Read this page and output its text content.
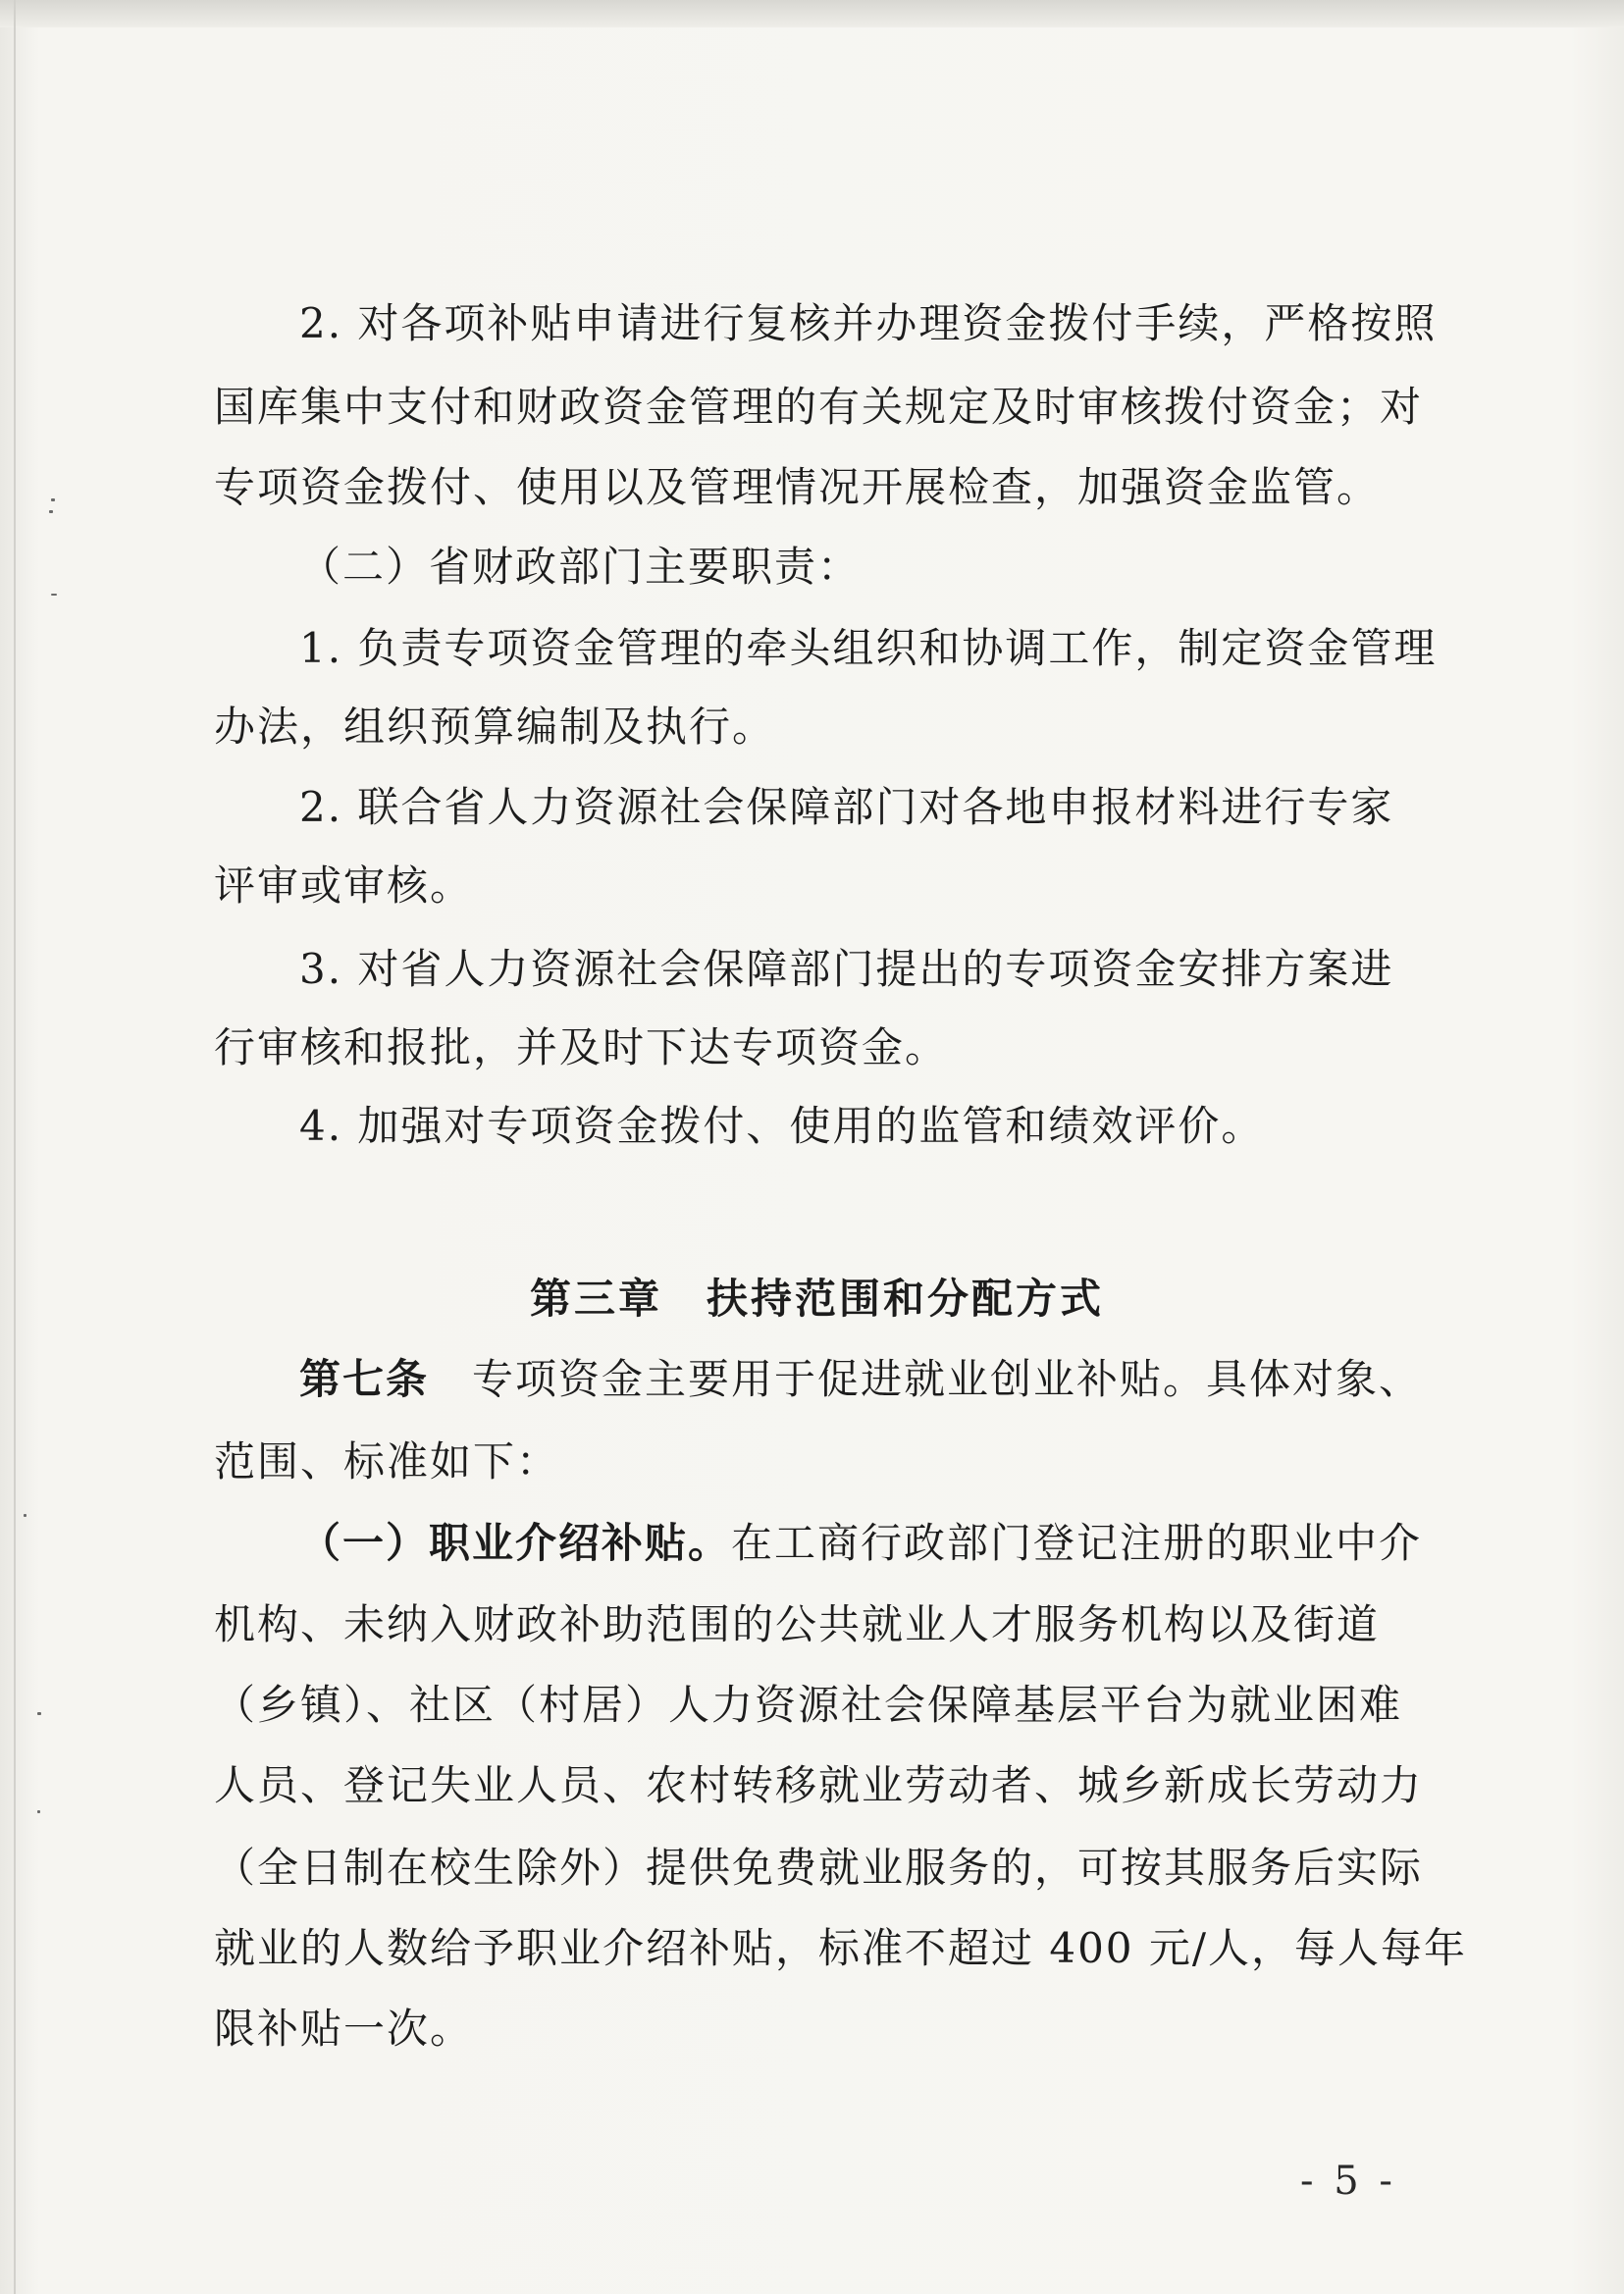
2. 对各项补贴申请进行复核并办理资金拨付手续，严格按照
国库集中支付和财政资金管理的有关规定及时审核拨付资金；对
专项资金拨付、使用以及管理情况开展检查，加强资金监管。
（二）省财政部门主要职责：
1. 负责专项资金管理的牵头组织和协调工作，制定资金管理
办法，组织预算编制及执行。
2. 联合省人力资源社会保障部门对各地申报材料进行专家
评审或审核。
3. 对省人力资源社会保障部门提出的专项资金安排方案进
行审核和报批，并及时下达专项资金。
4. 加强对专项资金拨付、使用的监管和绩效评价。
第三章　扶持范围和分配方式
第七条 专项资金主要用于促进就业创业补贴。具体对象、
范围、标准如下：
（一）职业介绍补贴。在工商行政部门登记注册的职业中介
机构、未纳入财政补助范围的公共就业人才服务机构以及街道
（乡镇）、社区（村居）人力资源社会保障基层平台为就业困难
人员、登记失业人员、农村转移就业劳动者、城乡新成长劳动力
（全日制在校生除外）提供免费就业服务的，可按其服务后实际
就业的人数给予职业介绍补贴，标准不超过 400 元/人，每人每年
限补贴一次。
- 5 -
